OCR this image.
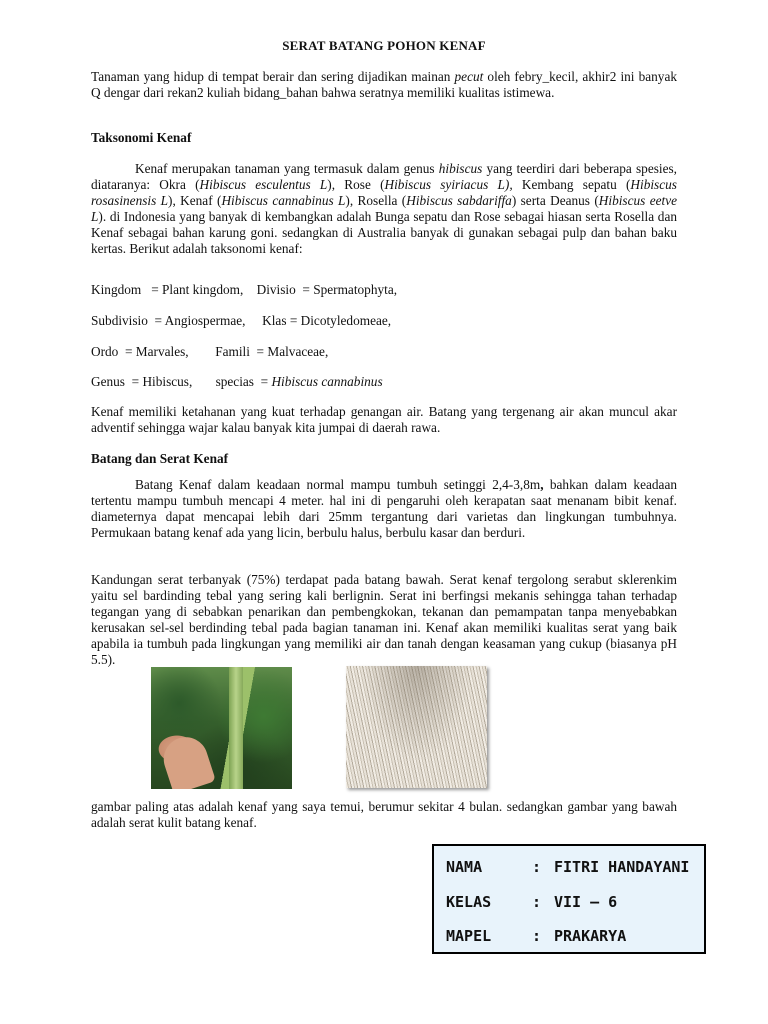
SERAT BATANG POHON KENAF
Tanaman yang hidup di tempat berair dan sering dijadikan mainan pecut oleh febry_kecil, akhir2 ini banyak Q dengar dari rekan2 kuliah bidang_bahan bahwa seratnya memiliki kualitas istimewa.
Taksonomi Kenaf
Kenaf merupakan tanaman yang termasuk dalam genus hibiscus yang teerdiri dari beberapa spesies, diataranya: Okra (Hibiscus esculentus L), Rose (Hibiscus syiriacus L), Kembang sepatu (Hibiscus rosasinensis L), Kenaf (Hibiscus cannabinus L), Rosella (Hibiscus sabdariffa) serta Deanus (Hibiscus eetve L). di Indonesia yang banyak di kembangkan adalah Bunga sepatu dan Rose sebagai hiasan serta Rosella dan Kenaf sebagai bahan karung goni. sedangkan di Australia banyak di gunakan sebagai pulp dan bahan baku kertas. Berikut adalah taksonomi kenaf:
Kingdom   = Plant kingdom,    Divisio  = Spermatophyta,
Subdivisio  = Angiospermae,     Klas = Dicotyledomeae,
Ordo  = Marvales,        Famili  = Malvaceae,
Genus  = Hibiscus,       specias  = Hibiscus cannabinus
Kenaf memiliki ketahanan yang kuat terhadap genangan air. Batang yang tergenang air akan muncul akar adventif sehingga wajar kalau banyak kita jumpai di daerah rawa.
Batang dan Serat Kenaf
Batang Kenaf dalam keadaan normal mampu tumbuh setinggi 2,4-3,8m, bahkan dalam keadaan tertentu mampu tumbuh mencapi 4 meter. hal ini di pengaruhi oleh kerapatan saat menanam bibit kenaf. diameternya dapat mencapai lebih dari 25mm tergantung dari varietas dan lingkungan tumbuhnya. Permukaan batang kenaf ada yang licin, berbulu halus, berbulu kasar dan berduri.
Kandungan serat terbanyak (75%) terdapat pada batang bawah. Serat kenaf tergolong serabut sklerenkim yaitu sel bardinding tebal yang sering kali berlignin. Serat ini berfingsi mekanis sehingga tahan terhadap tegangan yang di sebabkan penarikan dan pembengkokan, tekanan dan pemampatan tanpa menyebabkan kerusakan sel-sel berdinding tebal pada bagian tanaman ini. Kenaf akan memiliki kualitas serat yang baik apabila ia tumbuh pada lingkungan yang memiliki air dan tanah dengan keasaman yang cukup (biasanya pH 5.5).
gambar paling atas adalah kenaf yang saya temui, berumur sekitar 4 bulan. sedangkan gambar yang bawah adalah serat kulit batang kenaf.
NAMA	: FITRI HANDAYANI
KELAS	: VII – 6
MAPEL	: PRAKARYA
